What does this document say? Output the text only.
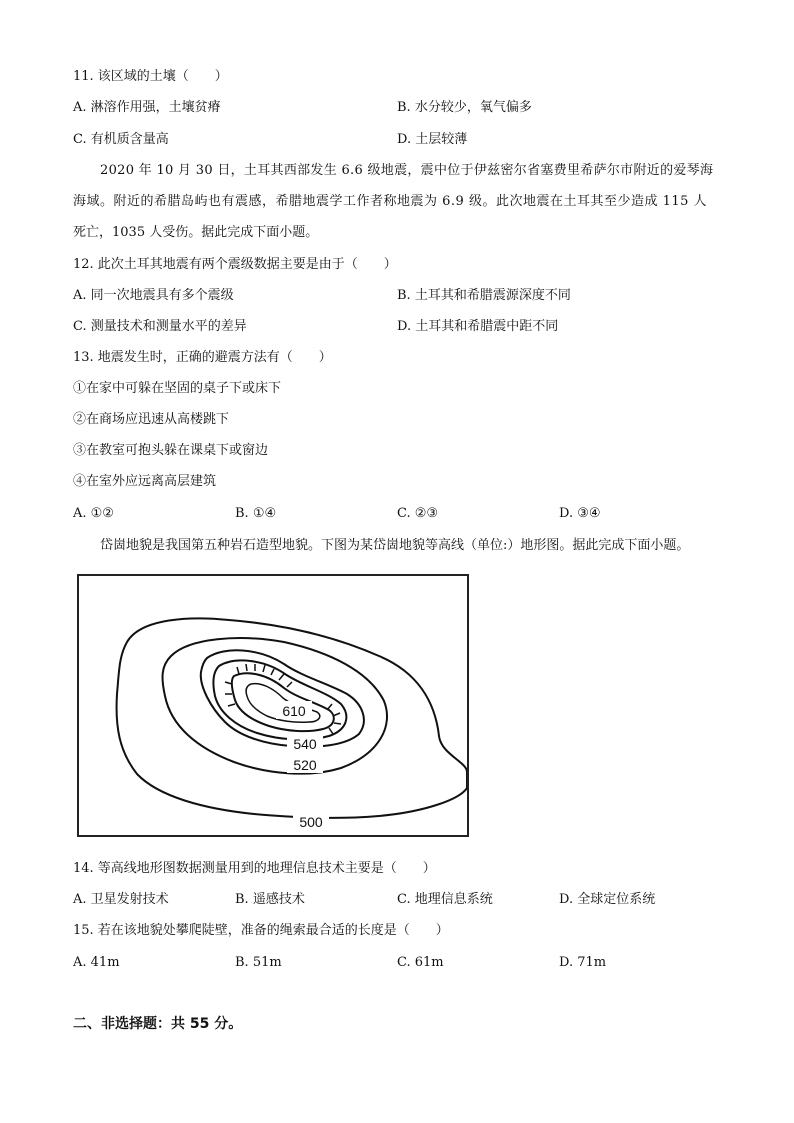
11. 该区域的土壤（　　）
A. 淋溶作用强，土壤贫瘠	B. 水分较少，氧气偏多
C. 有机质含量高	D. 土层较薄
2020 年 10 月 30 日，土耳其西部发生 6.6 级地震，震中位于伊兹密尔省塞费里希萨尔市附近的爱琴海
海域。附近的希腊岛屿也有震感，希腊地震学工作者称地震为 6.9 级。此次地震在土耳其至少造成 115 人
死亡，1035 人受伤。据此完成下面小题。
12. 此次土耳其地震有两个震级数据主要是由于（　　）
A. 同一次地震具有多个震级	B. 土耳其和希腊震源深度不同
C. 测量技术和测量水平的差异	D. 土耳其和希腊震中距不同
13. 地震发生时，正确的避震方法有（　　）
①在家中可躲在坚固的桌子下或床下
②在商场应迅速从高楼跳下
③在教室可抱头躲在课桌下或窗边
④在室外应远离高层建筑
A. ①②	B. ①④	C. ②③	D. ③④
岱崮地貌是我国第五种岩石造型地貌。下图为某岱崮地貌等高线（单位:）地形图。据此完成下面小题。
610
540
520
500
14. 等高线地形图数据测量用到的地理信息技术主要是（　　）
A. 卫星发射技术	B. 遥感技术	C. 地理信息系统	D. 全球定位系统
15. 若在该地貌处攀爬陡壁，准备的绳索最合适的长度是（　　）
A. 41m	B. 51m	C. 61m	D. 71m
二、非选择题：共 55 分。
